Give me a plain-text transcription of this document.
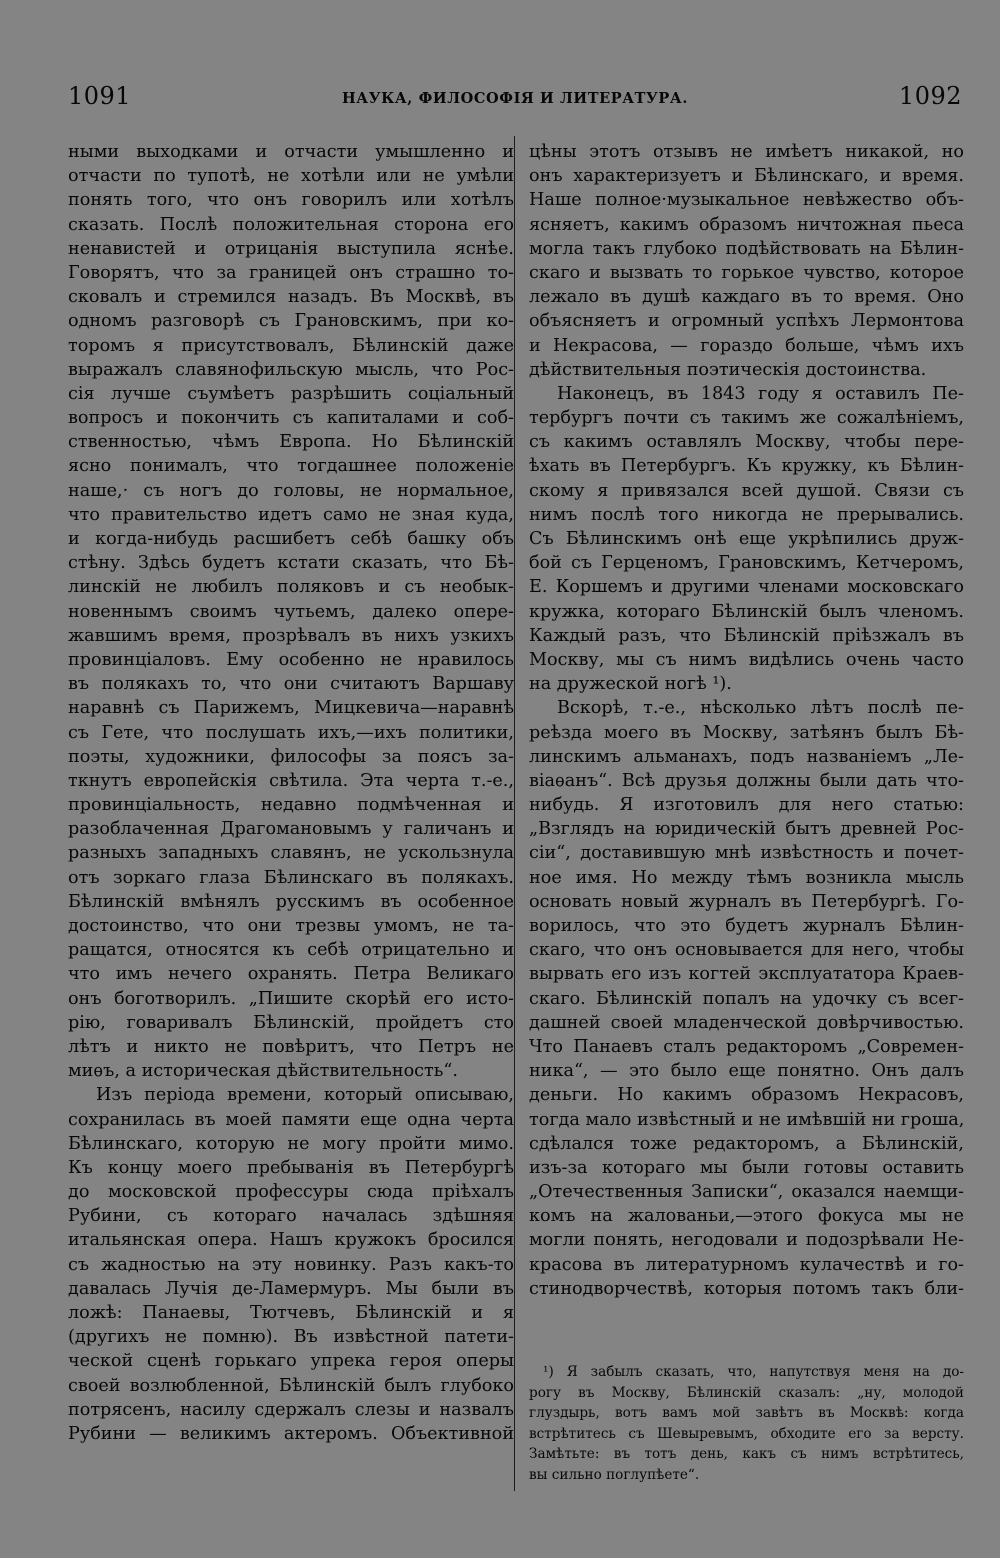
1091	НАУКА, ФИЛОСОФІЯ И ЛИТЕРАТУРА.	1092
ными выходками и отчасти умышленно и
отчасти по тупотѣ, не хотѣли или не умѣли
понять того, что онъ говорилъ или хотѣлъ
сказать. Послѣ положительная сторона его
ненавистей и отрицанія выступила яснѣе.
Говорятъ, что за границей онъ страшно то-
сковалъ и стремился назадъ. Въ Москвѣ, въ
одномъ разговорѣ съ Грановскимъ, при ко-
торомъ я присутствовалъ, Бѣлинскій даже
выражалъ славянофильскую мысль, что Рос-
сія лучше съумѣетъ разрѣшить соціальный
вопросъ и покончить съ капиталами и соб-
ственностью, чѣмъ Европа. Но Бѣлинскій
ясно понималъ, что тогдашнее положеніе
наше,· съ ногъ до головы, не нормальное,
что правительство идетъ само не зная куда,
и когда-нибудь расшибетъ себѣ башку объ
стѣну. Здѣсь будетъ кстати сказать, что Бѣ-
линскій не любилъ поляковъ и съ необык-
новеннымъ своимъ чутьемъ, далеко опере-
жавшимъ время, прозрѣвалъ въ нихъ узкихъ
провинціаловъ. Ему особенно не нравилось
въ полякахъ то, что они считаютъ Варшаву
наравнѣ съ Парижемъ, Мицкевича—наравнѣ
съ Гете, что послушать ихъ,—ихъ политики,
поэты, художники, философы за поясъ за-
ткнутъ европейскія свѣтила. Эта черта т.-е.,
провинціальность, недавно подмѣченная и
разоблаченная Драгомановымъ у галичанъ и
разныхъ западныхъ славянъ, не ускользнула
отъ зоркаго глаза Бѣлинскаго въ полякахъ.
Бѣлинскій вмѣнялъ русскимъ въ особенное
достоинство, что они трезвы умомъ, не та-
ращатся, относятся къ себѣ отрицательно и
что имъ нечего охранять. Петра Великаго
онъ боготворилъ. „Пишите скорѣй его исто-
рію, говаривалъ Бѣлинскій, пройдетъ сто
лѣтъ и никто не повѣритъ, что Петръ не
миѳъ, а историческая дѣйствительность“.
Изъ періода времени, который описываю,
сохранилась въ моей памяти еще одна черта
Бѣлинскаго, которую не могу пройти мимо.
Къ концу моего пребыванія въ Петербургѣ
до московской профессуры сюда пріѣхалъ
Рубини, съ котораго началась здѣшняя
итальянская опера. Нашъ кружокъ бросился
съ жадностью на эту новинку. Разъ какъ-то
давалась Лучія де-Ламермуръ. Мы были въ
ложѣ: Панаевы, Тютчевъ, Бѣлинскій и я
(другихъ не помню). Въ извѣстной патети-
ческой сценѣ горькаго упрека героя оперы
своей возлюбленной, Бѣлинскій былъ глубоко
потрясенъ, насилу сдержалъ слезы и назвалъ
Рубини — великимъ актеромъ. Объективной
цѣны этотъ отзывъ не имѣетъ никакой, но
онъ характеризуетъ и Бѣлинскаго, и время.
Наше полное·музыкальное невѣжество объ-
ясняетъ, какимъ образомъ ничтожная пьеса
могла такъ глубоко подѣйствовать на Бѣлин-
скаго и вызвать то горькое чувство, которое
лежало въ душѣ каждаго въ то время. Оно
объясняетъ и огромный успѣхъ Лермонтова
и Некрасова, — гораздо больше, чѣмъ ихъ
дѣйствительныя поэтическія достоинства.
Наконецъ, въ 1843 году я оставилъ Пе-
тербургъ почти съ такимъ же сожалѣніемъ,
съ какимъ оставлялъ Москву, чтобы пере-
ѣхать въ Петербургъ. Къ кружку, къ Бѣлин-
скому я привязался всей душой. Связи съ
нимъ послѣ того никогда не прерывались.
Съ Бѣлинскимъ онѣ еще укрѣпились друж-
бой съ Герценомъ, Грановскимъ, Кетчеромъ,
Е. Коршемъ и другими членами московскаго
кружка, котораго Бѣлинскій былъ членомъ.
Каждый разъ, что Бѣлинскій пріѣзжалъ въ
Москву, мы съ нимъ видѣлись очень часто
на дружеской ногѣ ¹).
Вскорѣ, т.-е., нѣсколько лѣтъ послѣ пе-
реѣзда моего въ Москву, затѣянъ былъ Бѣ-
линскимъ альманахъ, подъ названіемъ „Ле-
віаѳанъ“. Всѣ друзья должны были дать что-
нибудь. Я изготовилъ для него статью:
„Взглядъ на юридическій бытъ древней Рос-
сіи“, доставившую мнѣ извѣстность и почет-
ное имя. Но между тѣмъ возникла мысль
основать новый журналъ въ Петербургѣ. Го-
ворилось, что это будетъ журналъ Бѣлин-
скаго, что онъ основывается для него, чтобы
вырвать его изъ когтей эксплуататора Краев-
скаго. Бѣлинскій попалъ на удочку съ всег-
дашней своей младенческой довѣрчивостью.
Что Панаевъ сталъ редакторомъ „Современ-
ника“, — это было еще понятно. Онъ далъ
деньги. Но какимъ образомъ Некрасовъ,
тогда мало извѣстный и не имѣвшій ни гроша,
сдѣлался тоже редакторомъ, а Бѣлинскій,
изъ-за котораго мы были готовы оставить
„Отечественныя Записки“, оказался наемщи-
комъ на жалованьи,—этого фокуса мы не
могли понять, негодовали и подозрѣвали Не-
красова въ литературномъ кулачествѣ и го-
стинодворчествѣ, которыя потомъ такъ бли-
¹) Я забылъ сказать, что, напутствуя меня на до-
рогу въ Москву, Бѣлинскій сказалъ: „ну, молодой
глуздырь, вотъ вамъ мой завѣтъ въ Москвѣ: когда
встрѣтитесь съ Шевыревымъ, обходите его за версту.
Замѣтьте: въ тотъ день, какъ съ нимъ встрѣтитесь,
вы сильно поглупѣете“.
